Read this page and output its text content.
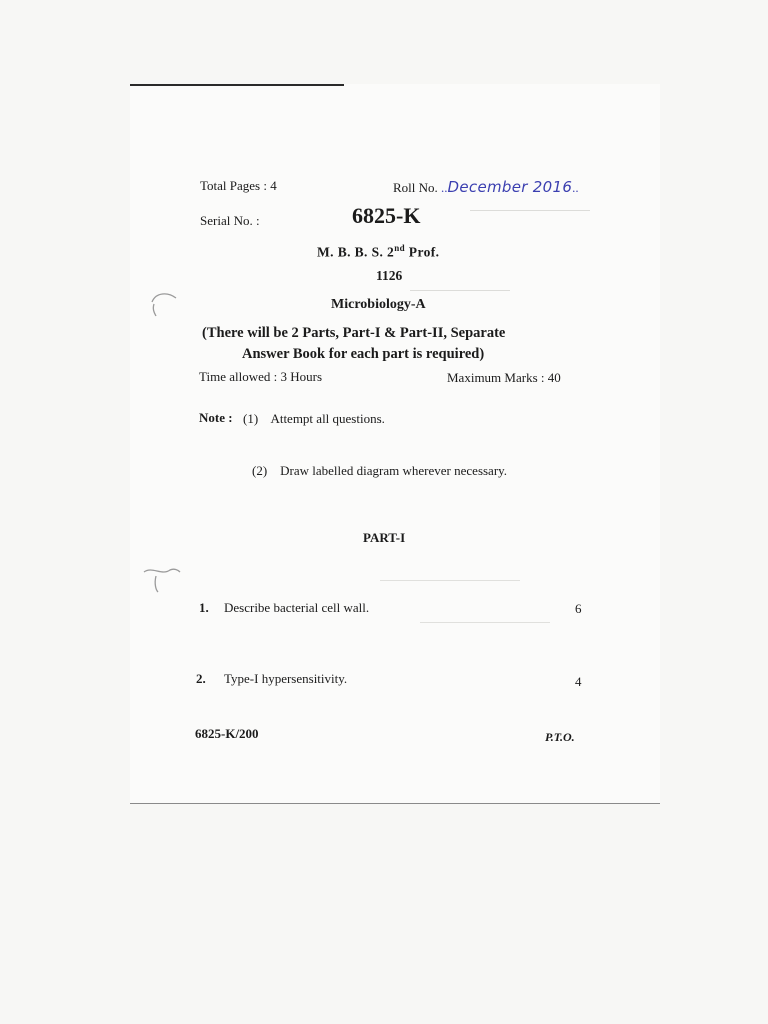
Total Pages : 4	Roll No. ..December 2016..
Serial No. :	6825-K
M. B. B. S. 2nd Prof.
1126
Microbiology-A
(There will be 2 Parts, Part-I & Part-II, Separate
Answer Book for each part is required)
Time allowed : 3 Hours	Maximum Marks : 40
Note : (1)    Attempt all questions.
(2)    Draw labelled diagram wherever necessary.
PART-I
1. Describe bacterial cell wall.	6
2. Type-I hypersensitivity.	4
6825-K/200	P.T.O.
